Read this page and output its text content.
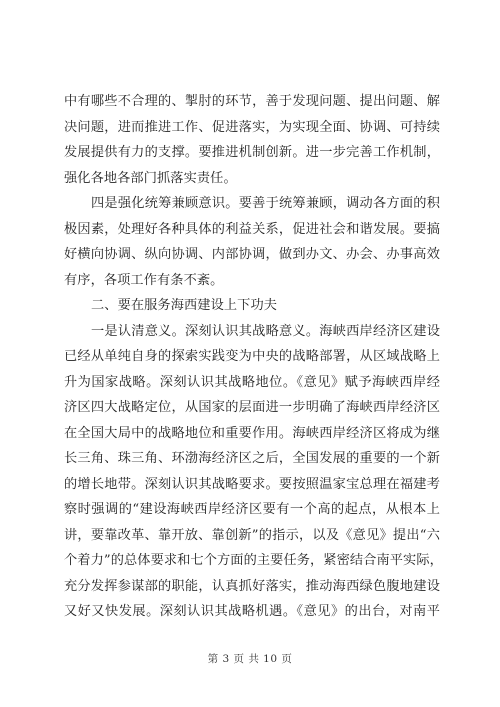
中有哪些不合理的、掣肘的环节，善于发现问题、提出问题、解
决问题，进而推进工作、促进落实，为实现全面、协调、可持续
发展提供有力的支撑。要推进机制创新。进一步完善工作机制，
强化各地各部门抓落实责任。
四是强化统筹兼顾意识。要善于统筹兼顾，调动各方面的积
极因素，处理好各种具体的利益关系，促进社会和谐发展。要搞
好横向协调、纵向协调、内部协调，做到办文、办会、办事高效
有序，各项工作有条不紊。
二、要在服务海西建设上下功夫
一是认清意义。深刻认识其战略意义。海峡西岸经济区建设
已经从单纯自身的探索实践变为中央的战略部署，从区域战略上
升为国家战略。深刻认识其战略地位。《意见》赋予海峡西岸经
济区四大战略定位，从国家的层面进一步明确了海峡西岸经济区
在全国大局中的战略地位和重要作用。海峡西岸经济区将成为继
长三角、珠三角、环渤海经济区之后，全国发展的重要的一个新
的增长地带。深刻认识其战略要求。要按照温家宝总理在福建考
察时强调的“建设海峡西岸经济区要有一个高的起点，从根本上
讲，要靠改革、靠开放、靠创新”的指示，以及《意见》提出“六
个着力”的总体要求和七个方面的主要任务，紧密结合南平实际，
充分发挥参谋部的职能，认真抓好落实，推动海西绿色腹地建设
又好又快发展。深刻认识其战略机遇。《意见》的出台，对南平
第 3 页 共 10 页
